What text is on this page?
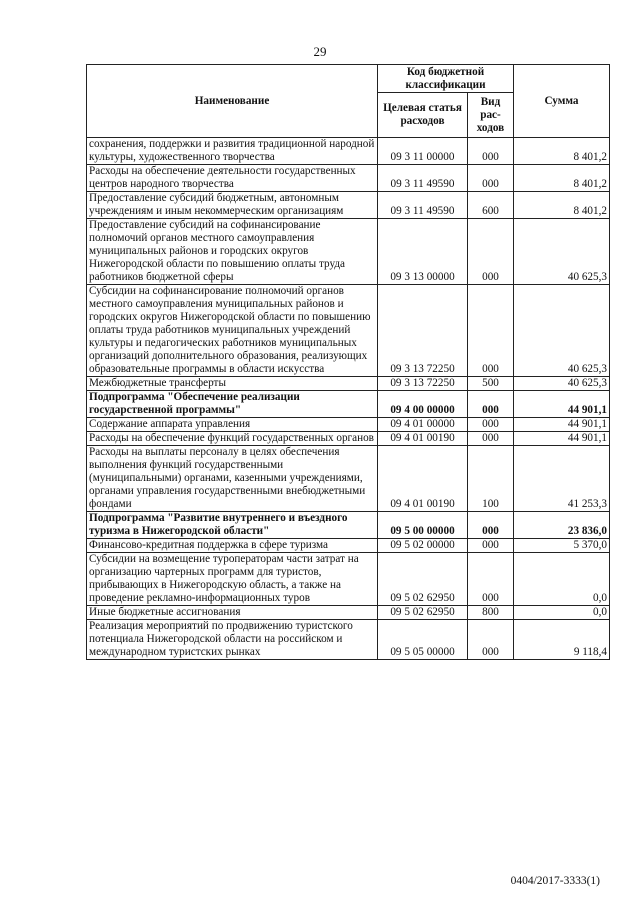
29
Наименование	Код бюджетной классификации		Сумма
	Целевая статья расходов	Вид рас-ходов	
сохранения, поддержки и развития традиционной народной культуры, художественного творчества	09 3 11 00000	000	8 401,2
Расходы на обеспечение деятельности государственных центров народного творчества	09 3 11 49590	000	8 401,2
Предоставление субсидий бюджетным, автономным учреждениям и иным некоммерческим организациям	09 3 11 49590	600	8 401,2
Предоставление субсидий на софинансирование полномочий органов местного самоуправления муниципальных районов и городских округов Нижегородской области по повышению оплаты труда работников бюджетной сферы	09 3 13 00000	000	40 625,3
Субсидии на софинансирование полномочий органов местного самоуправления муниципальных районов и городских округов Нижегородской области по повышению оплаты труда работников муниципальных учреждений культуры и педагогических работников муниципальных организаций дополнительного образования, реализующих образовательные программы в области искусства	09 3 13 72250	000	40 625,3
Межбюджетные трансферты	09 3 13 72250	500	40 625,3
Подпрограмма "Обеспечение реализации государственной программы"	09 4 00 00000	000	44 901,1
Содержание аппарата управления	09 4 01 00000	000	44 901,1
Расходы на обеспечение функций государственных органов	09 4 01 00190	000	44 901,1
Расходы на выплаты персоналу в целях обеспечения выполнения функций государственными (муниципальными) органами, казенными учреждениями, органами управления государственными внебюджетными фондами	09 4 01 00190	100	41 253,3
Подпрограмма "Развитие внутреннего и въездного туризма в Нижегородской области"	09 5 00 00000	000	23 836,0
Финансово-кредитная поддержка в сфере туризма	09 5 02 00000	000	5 370,0
Субсидии на возмещение туроператорам части затрат на организацию чартерных программ для туристов, прибывающих в Нижегородскую область, а также на проведение рекламно-информационных туров	09 5 02 62950	000	0,0
Иные бюджетные ассигнования	09 5 02 62950	800	0,0
Реализация мероприятий по продвижению туристского потенциала Нижегородской области на российском и международном туристских рынках	09 5 05 00000	000	9 118,4
0404/2017-3333(1)
